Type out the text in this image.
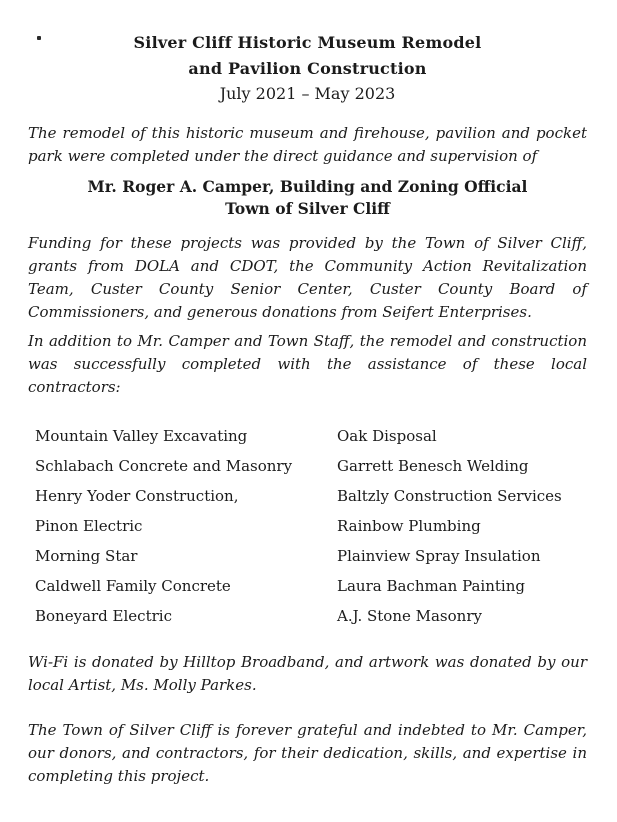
Silver Cliff Historic Museum Remodel
and Pavilion Construction
July 2021 – May 2023

The remodel of this historic museum and firehouse, pavilion and pocket park were completed under the direct guidance and supervision of

Mr. Roger A. Camper, Building and Zoning Official
Town of Silver Cliff

Funding for these projects was provided by the Town of Silver Cliff, grants from DOLA and CDOT, the Community Action Revitalization Team, Custer County Senior Center, Custer County Board of Commissioners, and generous donations from Seifert Enterprises.

In addition to Mr. Camper and Town Staff, the remodel and construction was successfully completed with the assistance of these local contractors:

Mountain Valley Excavating
Schlabach Concrete and Masonry
Henry Yoder Construction,
Pinon Electric
Morning Star
Caldwell Family Concrete
Boneyard Electric
Oak Disposal
Garrett Benesch Welding
Baltzly Construction Services
Rainbow Plumbing
Plainview Spray Insulation
Laura Bachman Painting
A.J. Stone Masonry

Wi-Fi is donated by Hilltop Broadband, and artwork was donated by our local Artist, Ms. Molly Parkes.

The Town of Silver Cliff is forever grateful and indebted to Mr. Camper, our donors, and contractors, for their dedication, skills, and expertise in completing this project.
